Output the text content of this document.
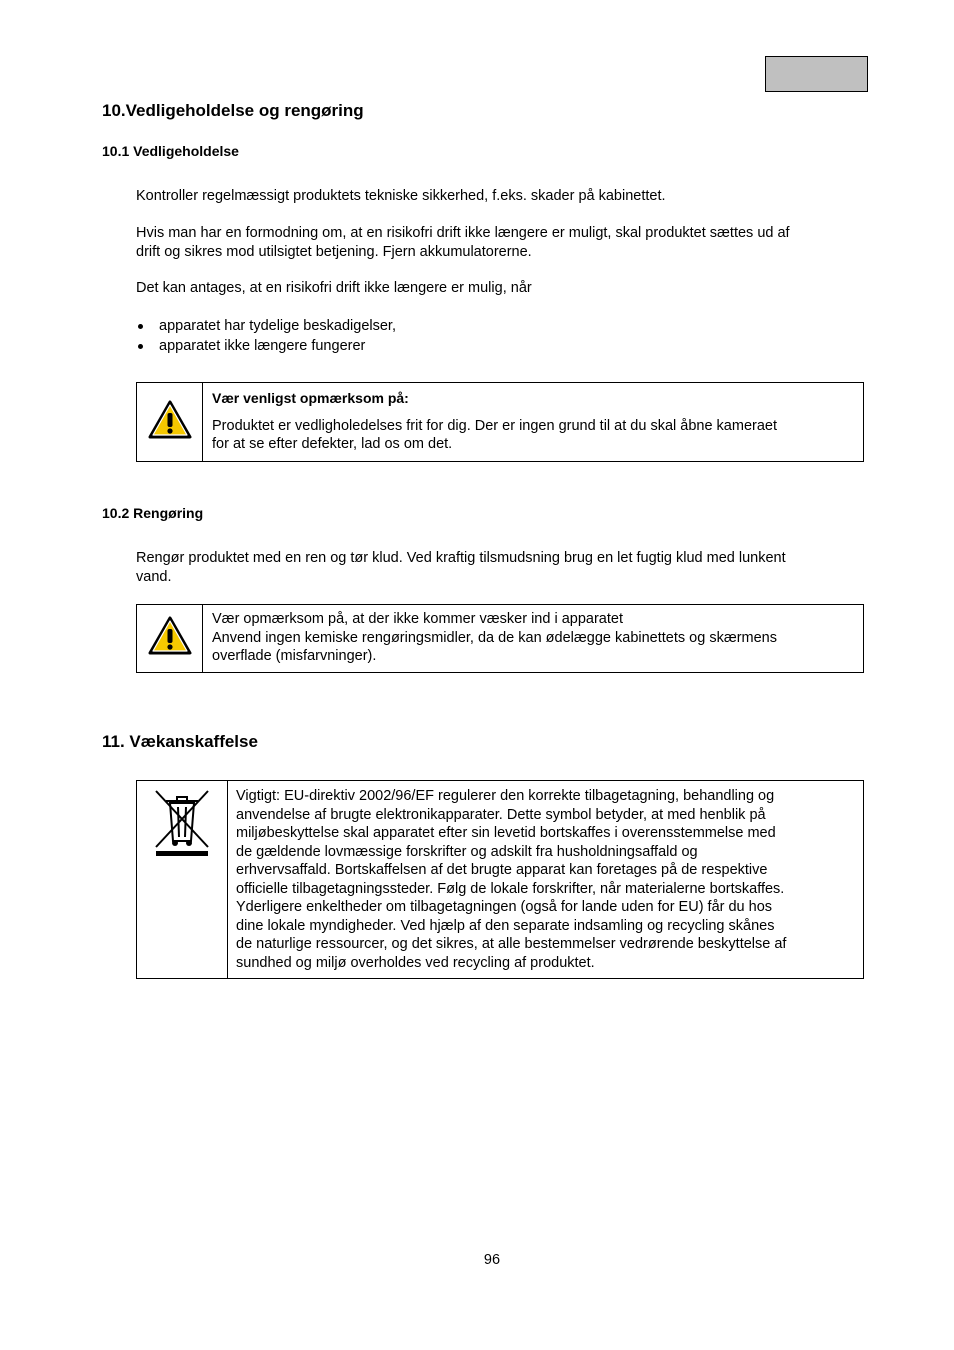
10.Vedligeholdelse og rengøring
10.1 Vedligeholdelse

Kontroller regelmæssigt produktets tekniske sikkerhed, f.eks. skader på kabinettet.

Hvis man har en formodning om, at en risikofri drift ikke længere er muligt, skal produktet sættes ud af

drift og sikres mod utilsigtet betjening. Fjern akkumulatorerne.

Det kan antages, at en risikofri drift ikke længere er mulig, når

apparatet har tydelige beskadigelser,
apparatet ikke længere fungerer

Vær venligst opmærksom på:
Produktet er vedligholedelses frit for dig. Der er ingen grund til at du skal åbne kameraet
for at se efter defekter, lad os om det.
10.2 Rengøring

Rengør produktet med en ren og tør klud. Ved kraftig tilsmudsning brug en let fugtig klud med lunkent

vand.

Vær opmærksom på, at der ikke kommer væsker ind i apparatet
Anvend ingen kemiske rengøringsmidler, da de kan ødelægge kabinettets og skærmens
overflade (misfarvninger).
11. Vækanskaffelse

Vigtigt: EU-direktiv 2002/96/EF regulerer den korrekte tilbagetagning, behandling og
anvendelse af brugte elektronikapparater. Dette symbol betyder, at med henblik på
miljøbeskyttelse skal apparatet efter sin levetid bortskaffes i overensstemmelse med
de gældende lovmæssige forskrifter og adskilt fra husholdningsaffald og
erhvervsaffald. Bortskaffelsen af det brugte apparat kan foretages på de respektive
officielle tilbagetagningssteder. Følg de lokale forskrifter, når materialerne bortskaffes.
Yderligere enkeltheder om tilbagetagningen (også for lande uden for EU) får du hos
dine lokale myndigheder. Ved hjælp af den separate indsamling og recycling skånes
de naturlige ressourcer, og det sikres, at alle bestemmelser vedrørende beskyttelse af
sundhed og miljø overholdes ved recycling af produktet.
96
